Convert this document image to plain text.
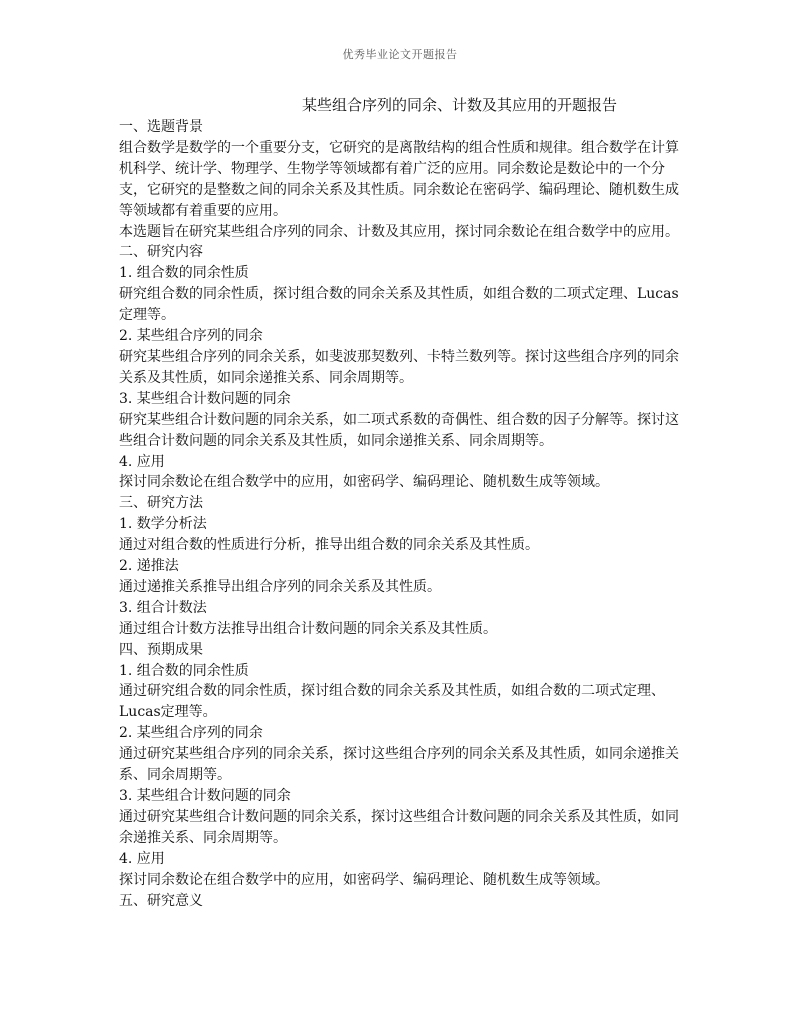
优秀毕业论文开题报告
某些组合序列的同余、计数及其应用的开题报告
一、选题背景

组合数学是数学的一个重要分支，它研究的是离散结构的组合性质和规律。组合数学在计算机科学、统计学、物理学、生物学等领域都有着广泛的应用。同余数论是数论中的一个分支，它研究的是整数之间的同余关系及其性质。同余数论在密码学、编码理论、随机数生成等领域都有着重要的应用。

本选题旨在研究某些组合序列的同余、计数及其应用，探讨同余数论在组合数学中的应用。

二、研究内容
1. 组合数的同余性质

研究组合数的同余性质，探讨组合数的同余关系及其性质，如组合数的二项式定理、Lucas定理等。

2. 某些组合序列的同余

研究某些组合序列的同余关系，如斐波那契数列、卡特兰数列等。探讨这些组合序列的同余关系及其性质，如同余递推关系、同余周期等。

3. 某些组合计数问题的同余

研究某些组合计数问题的同余关系，如二项式系数的奇偶性、组合数的因子分解等。探讨这些组合计数问题的同余关系及其性质，如同余递推关系、同余周期等。

4. 应用

探讨同余数论在组合数学中的应用，如密码学、编码理论、随机数生成等领域。

三、研究方法
1. 数学分析法

通过对组合数的性质进行分析，推导出组合数的同余关系及其性质。

2. 递推法

通过递推关系推导出组合序列的同余关系及其性质。

3. 组合计数法

通过组合计数方法推导出组合计数问题的同余关系及其性质。

四、预期成果
1. 组合数的同余性质

通过研究组合数的同余性质，探讨组合数的同余关系及其性质，如组合数的二项式定理、Lucas定理等。

2. 某些组合序列的同余

通过研究某些组合序列的同余关系，探讨这些组合序列的同余关系及其性质，如同余递推关系、同余周期等。

3. 某些组合计数问题的同余

通过研究某些组合计数问题的同余关系，探讨这些组合计数问题的同余关系及其性质，如同余递推关系、同余周期等。

4. 应用

探讨同余数论在组合数学中的应用，如密码学、编码理论、随机数生成等领域。

五、研究意义
